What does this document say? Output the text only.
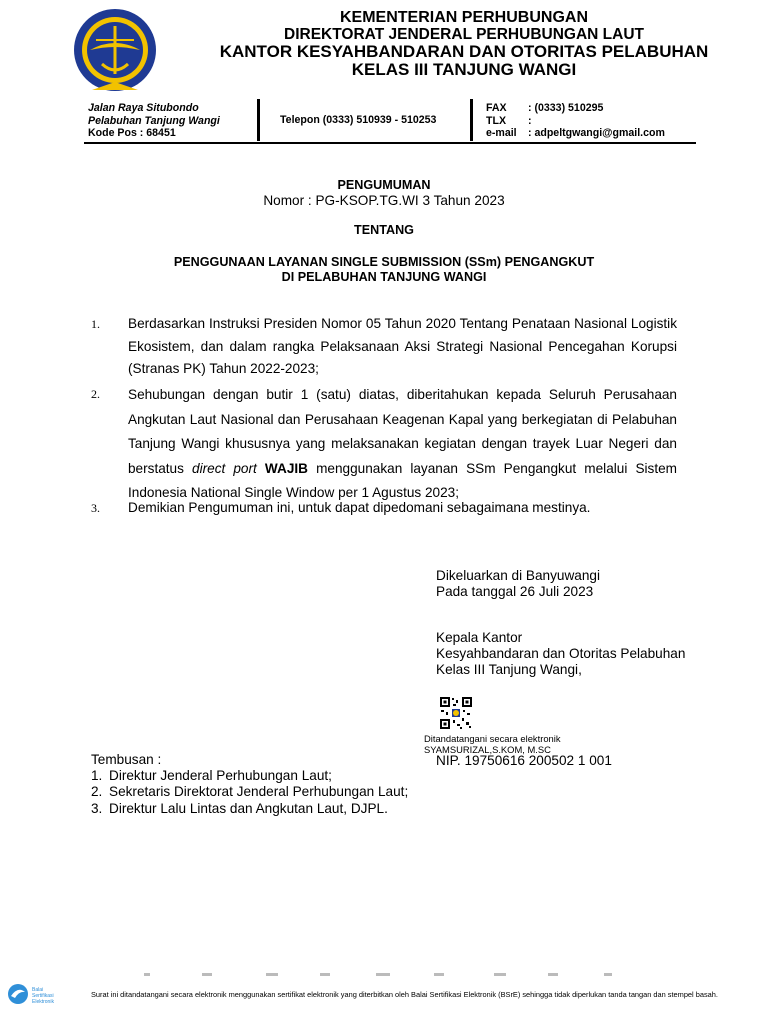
KEMENTERIAN PERHUBUNGAN
DIREKTORAT JENDERAL PERHUBUNGAN LAUT
KANTOR KESYAHBANDARAN DAN OTORITAS PELABUHAN
KELAS III TANJUNG WANGI
Jalan Raya Situbondo
Pelabuhan Tanjung Wangi
Kode Pos : 68451
Telepon (0333) 510939 - 510253
FAX	: (0333) 510295
TLX	:
e-mail	: adpeltgwangi@gmail.com
PENGUMUMAN
Nomor : PG-KSOP.TG.WI 3 Tahun 2023
TENTANG
PENGGUNAAN LAYANAN SINGLE SUBMISSION (SSm) PENGANGKUT
DI PELABUHAN TANJUNG WANGI
1. Berdasarkan Instruksi Presiden Nomor 05 Tahun 2020 Tentang Penataan Nasional Logistik Ekosistem, dan dalam rangka Pelaksanaan Aksi Strategi Nasional Pencegahan Korupsi (Stranas PK) Tahun 2022-2023;
2. Sehubungan dengan butir 1 (satu) diatas, diberitahukan kepada Seluruh Perusahaan Angkutan Laut Nasional dan Perusahaan Keagenan Kapal yang berkegiatan di Pelabuhan Tanjung Wangi khususnya yang melaksanakan kegiatan dengan trayek Luar Negeri dan berstatus direct port WAJIB menggunakan layanan SSm Pengangkut melalui Sistem Indonesia National Single Window per 1 Agustus 2023;
3. Demikian Pengumuman ini, untuk dapat dipedomani sebagaimana mestinya.
Dikeluarkan di Banyuwangi
Pada tanggal 26 Juli 2023
Kepala Kantor
Kesyahbandaran dan Otoritas Pelabuhan
Kelas III Tanjung Wangi,
Ditandatangani secara elektronik
SYAMSURIZAL,S.KOM, M.SC
NIP. 19750616 200502 1 001
Tembusan :
1. Direktur Jenderal Perhubungan Laut;
2. Sekretaris Direktorat Jenderal Perhubungan Laut;
3. Direktur Lalu Lintas dan Angkutan Laut, DJPL.
Balai
Sertifikasi
Elektronik
Surat ini ditandatangani secara elektronik menggunakan sertifikat elektronik yang diterbitkan oleh Balai Sertifikasi Elektronik (BSrE) sehingga tidak diperlukan tanda tangan dan stempel basah.
